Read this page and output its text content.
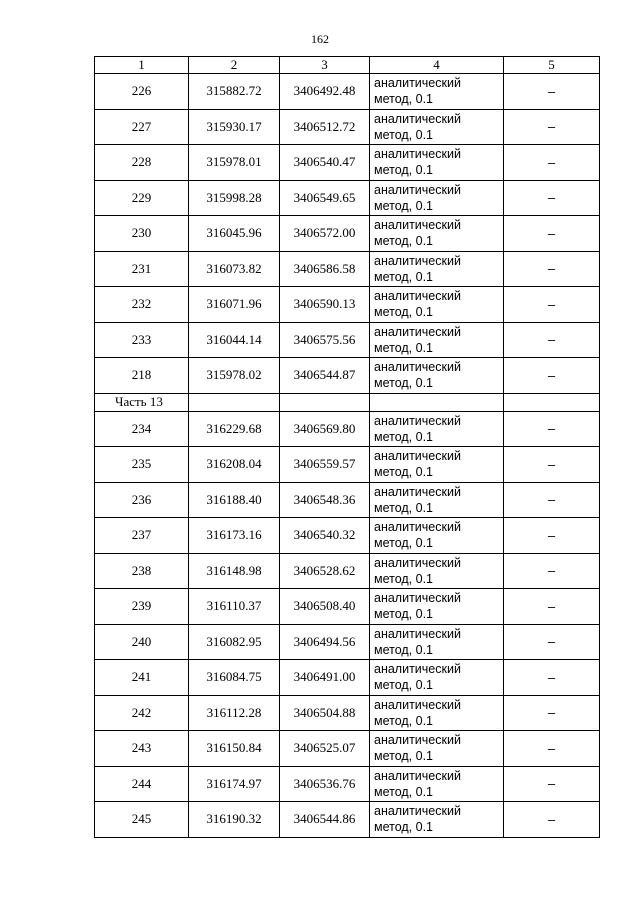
162
1	2	3	4	5
226	315882.72	3406492.48	аналитический
метод, 0.1	–
227	315930.17	3406512.72	аналитический
метод, 0.1	–
228	315978.01	3406540.47	аналитический
метод, 0.1	–
229	315998.28	3406549.65	аналитический
метод, 0.1	–
230	316045.96	3406572.00	аналитический
метод, 0.1	–
231	316073.82	3406586.58	аналитический
метод, 0.1	–
232	316071.96	3406590.13	аналитический
метод, 0.1	–
233	316044.14	3406575.56	аналитический
метод, 0.1	–
218	315978.02	3406544.87	аналитический
метод, 0.1	–
Часть 13				
234	316229.68	3406569.80	аналитический
метод, 0.1	–
235	316208.04	3406559.57	аналитический
метод, 0.1	–
236	316188.40	3406548.36	аналитический
метод, 0.1	–
237	316173.16	3406540.32	аналитический
метод, 0.1	–
238	316148.98	3406528.62	аналитический
метод, 0.1	–
239	316110.37	3406508.40	аналитический
метод, 0.1	–
240	316082.95	3406494.56	аналитический
метод, 0.1	–
241	316084.75	3406491.00	аналитический
метод, 0.1	–
242	316112.28	3406504.88	аналитический
метод, 0.1	–
243	316150.84	3406525.07	аналитический
метод, 0.1	–
244	316174.97	3406536.76	аналитический
метод, 0.1	–
245	316190.32	3406544.86	аналитический
метод, 0.1	–
